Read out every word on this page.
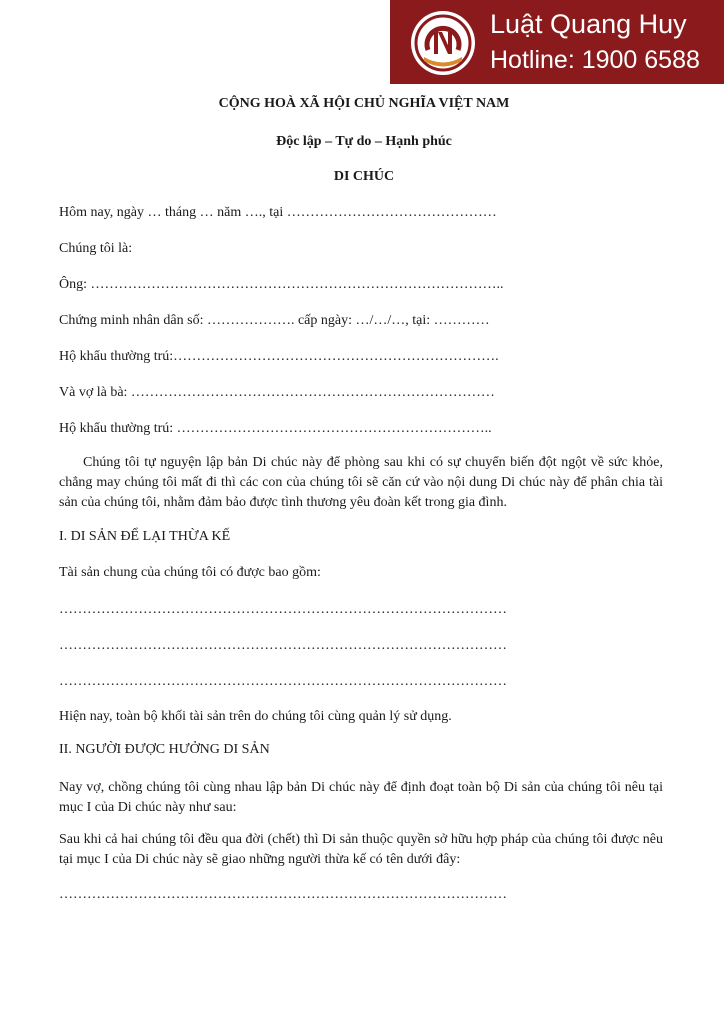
Luật Quang Huy
Hotline: 1900 6588
CỘNG HOÀ XÃ HỘI CHỦ NGHĨA VIỆT NAM
Độc lập – Tự do – Hạnh phúc
DI CHÚC
Hôm nay, ngày … tháng … năm …., tại ………………………………………
Chúng tôi là:
Ông: ……………………………………………………………………………..
Chứng minh nhân dân số: ………………. cấp ngày: …/…/…, tại: …………
Hộ khẩu thường trú:…………………………………………………………….
Và vợ là bà: ……………………………………………………………………
Hộ khẩu thường trú: …………………………………………………………..
Chúng tôi tự nguyện lập bản Di chúc này để phòng sau khi có sự chuyển biến đột ngột về sức khỏe, chẳng may chúng tôi mất đi thì các con của chúng tôi sẽ căn cứ vào nội dung Di chúc này để phân chia tài sản của chúng tôi, nhằm đảm bảo được tình thương yêu đoàn kết trong gia đình.
I. DI SẢN ĐỂ LẠI THỪA KẾ
Tài sản chung của chúng tôi có được bao gồm:
……………………………………………………………………………………
……………………………………………………………………………………
……………………………………………………………………………………
Hiện nay, toàn bộ khối tài sản trên do chúng tôi cùng quản lý sử dụng.
II. NGƯỜI ĐƯỢC HƯỞNG DI SẢN
Nay vợ, chồng chúng tôi cùng nhau lập bản Di chúc này để định đoạt toàn bộ Di sản của chúng tôi nêu tại mục I của Di chúc này như sau:
Sau khi cả hai chúng tôi đều qua đời (chết) thì Di sản thuộc quyền sở hữu hợp pháp của chúng tôi được nêu tại mục I của Di chúc này sẽ giao những người thừa kế có tên dưới đây:
……………………………………………………………………………………
